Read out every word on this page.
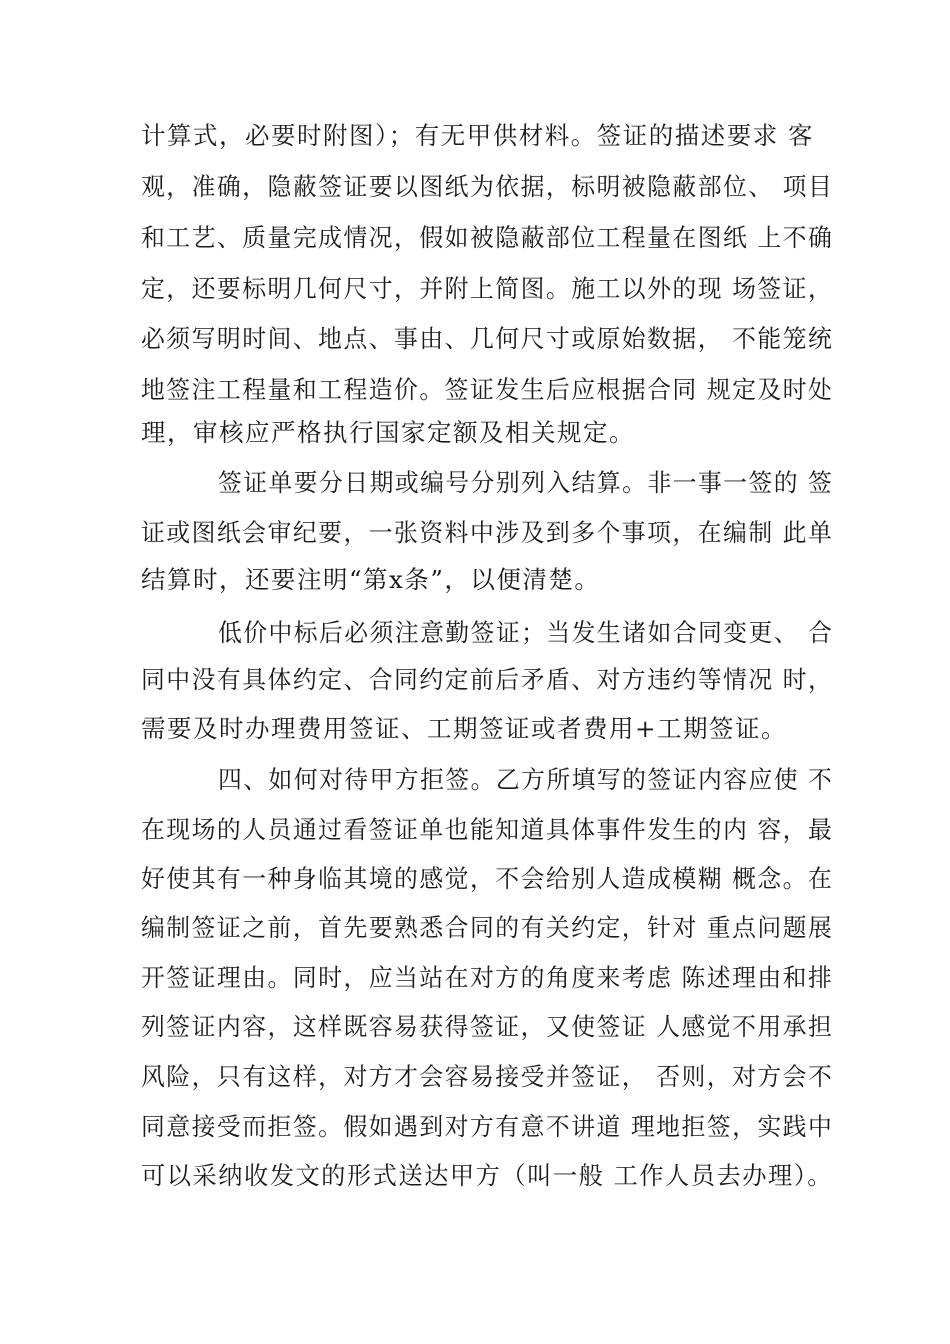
计算式，必要时附图）；有无甲供材料。签证的描述要求 客
观，准确，隐蔽签证要以图纸为依据，标明被隐蔽部位、 项目
和工艺、质量完成情况，假如被隐蔽部位工程量在图纸 上不确
定，还要标明几何尺寸，并附上简图。施工以外的现 场签证，
必须写明时间、地点、事由、几何尺寸或原始数据， 不能笼统
地签注工程量和工程造价。签证发生后应根据合同 规定及时处
理，审核应严格执行国家定额及相关规定。
签证单要分日期或编号分别列入结算。非一事一签的 签
证或图纸会审纪要，一张资料中涉及到多个事项，在编制 此单
结算时，还要注明“第x条”，以便清楚。
低价中标后必须注意勤签证；当发生诸如合同变更、 合
同中没有具体约定、合同约定前后矛盾、对方违约等情况 时，
需要及时办理费用签证、工期签证或者费用+工期签证。
四、如何对待甲方拒签。乙方所填写的签证内容应使 不
在现场的人员通过看签证单也能知道具体事件发生的内 容，最
好使其有一种身临其境的感觉，不会给别人造成模糊 概念。在
编制签证之前，首先要熟悉合同的有关约定，针对 重点问题展
开签证理由。同时，应当站在对方的角度来考虑 陈述理由和排
列签证内容，这样既容易获得签证，又使签证 人感觉不用承担
风险，只有这样，对方才会容易接受并签证， 否则，对方会不
同意接受而拒签。假如遇到对方有意不讲道 理地拒签，实践中
可以采纳收发文的形式送达甲方（叫一般 工作人员去办理）。
